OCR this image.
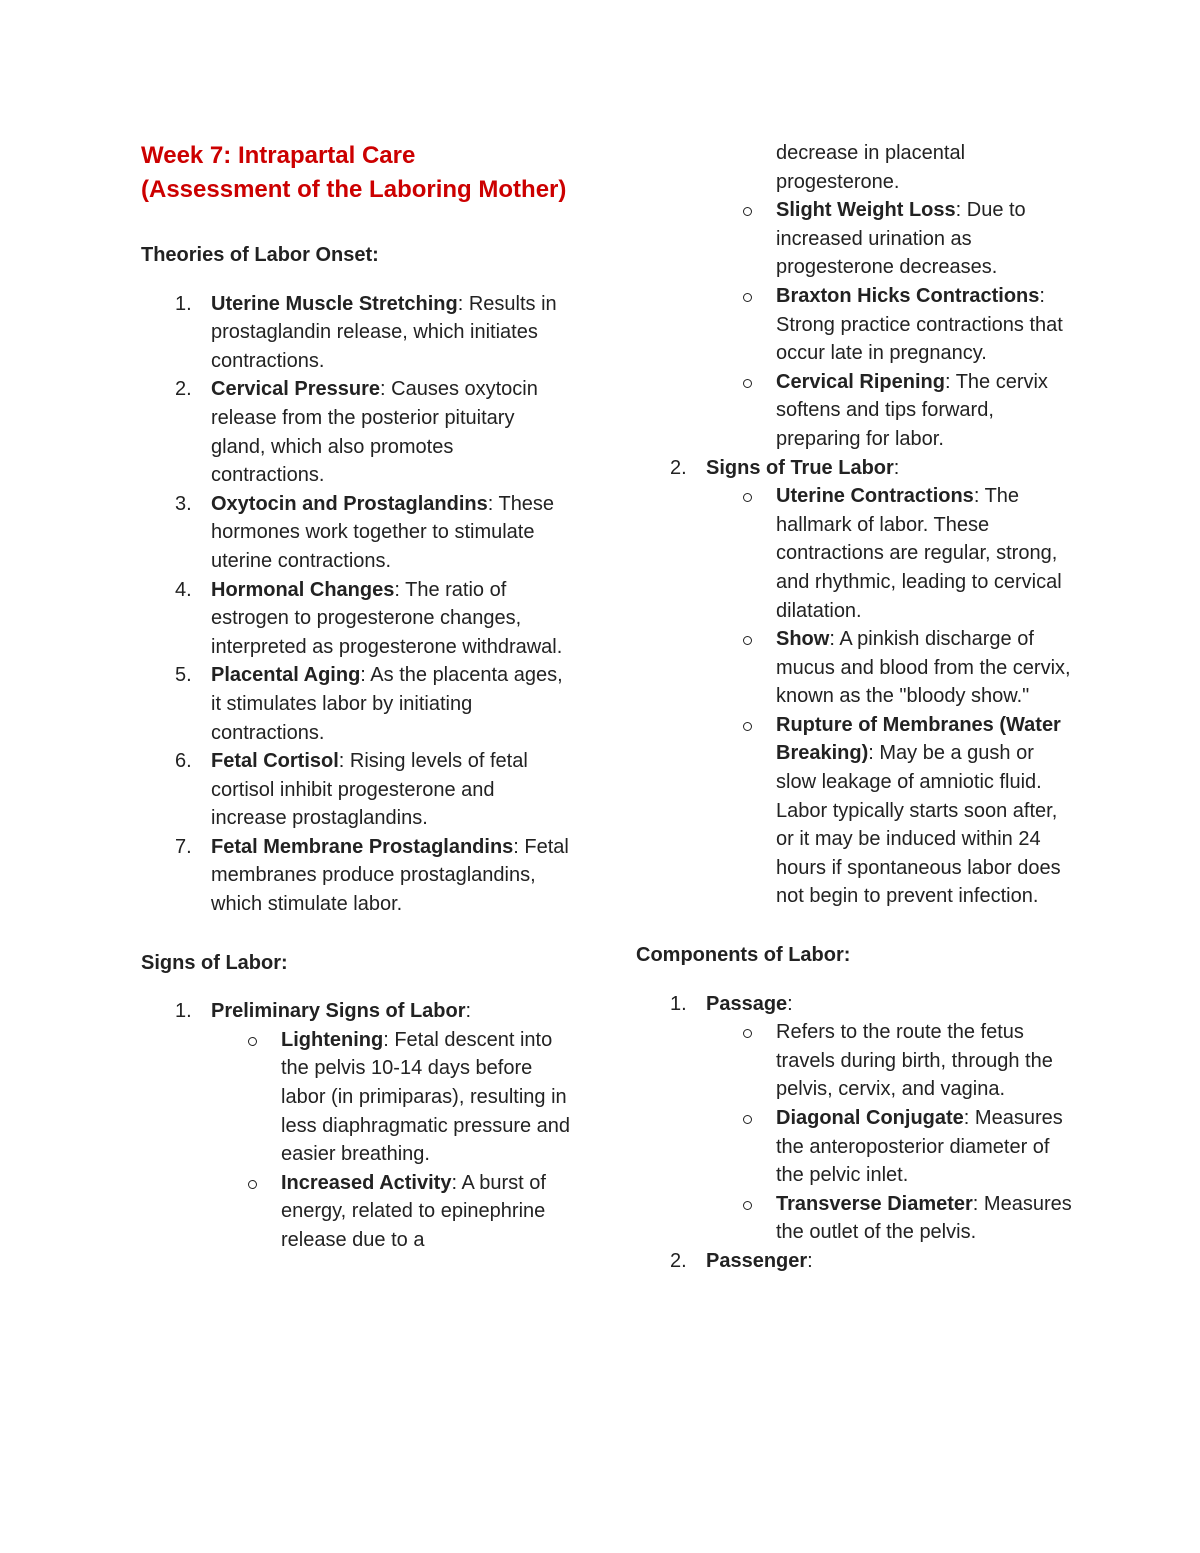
Week 7: Intrapartal Care (Assessment of the Laboring Mother)
Theories of Labor Onset:
1. Uterine Muscle Stretching: Results in prostaglandin release, which initiates contractions.
2. Cervical Pressure: Causes oxytocin release from the posterior pituitary gland, which also promotes contractions.
3. Oxytocin and Prostaglandins: These hormones work together to stimulate uterine contractions.
4. Hormonal Changes: The ratio of estrogen to progesterone changes, interpreted as progesterone withdrawal.
5. Placental Aging: As the placenta ages, it stimulates labor by initiating contractions.
6. Fetal Cortisol: Rising levels of fetal cortisol inhibit progesterone and increase prostaglandins.
7. Fetal Membrane Prostaglandins: Fetal membranes produce prostaglandins, which stimulate labor.
Signs of Labor:
1. Preliminary Signs of Labor:
Lightening: Fetal descent into the pelvis 10-14 days before labor (in primiparas), resulting in less diaphragmatic pressure and easier breathing.
Increased Activity: A burst of energy, related to epinephrine release due to a
decrease in placental progesterone.
Slight Weight Loss: Due to increased urination as progesterone decreases.
Braxton Hicks Contractions: Strong practice contractions that occur late in pregnancy.
Cervical Ripening: The cervix softens and tips forward, preparing for labor.
2. Signs of True Labor:
Uterine Contractions: The hallmark of labor. These contractions are regular, strong, and rhythmic, leading to cervical dilatation.
Show: A pinkish discharge of mucus and blood from the cervix, known as the "bloody show."
Rupture of Membranes (Water Breaking): May be a gush or slow leakage of amniotic fluid. Labor typically starts soon after, or it may be induced within 24 hours if spontaneous labor does not begin to prevent infection.
Components of Labor:
1. Passage:
Refers to the route the fetus travels during birth, through the pelvis, cervix, and vagina.
Diagonal Conjugate: Measures the anteroposterior diameter of the pelvic inlet.
Transverse Diameter: Measures the outlet of the pelvis.
2. Passenger:
